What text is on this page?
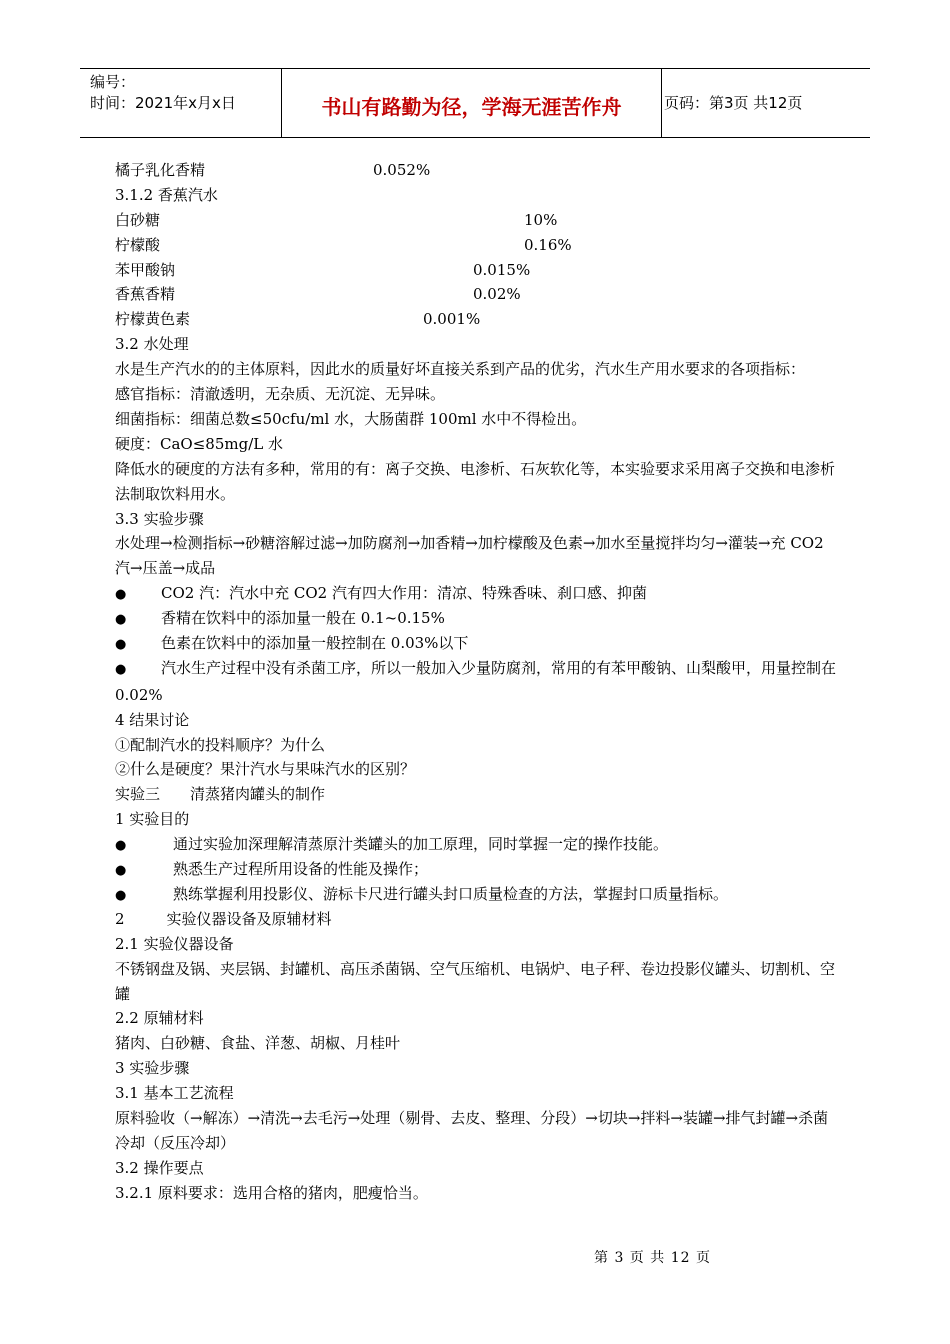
编号：
时间：2021年x月x日	书山有路勤为径，学海无涯苦作舟	页码：第3页 共12页
橘子乳化香精	0.052%
3.1.2 香蕉汽水
白砂糖	10%
柠檬酸	0.16%
苯甲酸钠	0.015%
香蕉香精	0.02%
柠檬黄色素	0.001%
3.2 水处理
水是生产汽水的的主体原料，因此水的质量好坏直接关系到产品的优劣，汽水生产用水要求的各项指标：
感官指标：清澈透明，无杂质、无沉淀、无异味。
细菌指标：细菌总数≤50cfu/ml 水，大肠菌群 100ml 水中不得检出。
硬度：CaO≤85mg/L 水
降低水的硬度的方法有多种，常用的有：离子交换、电渗析、石灰软化等，本实验要求采用离子交换和电渗析法制取饮料用水。
3.3 实验步骤
水处理→检测指标→砂糖溶解过滤→加防腐剂→加香精→加柠檬酸及色素→加水至量搅拌均匀→灌装→充 CO2 汽→压盖→成品
● CO2 汽：汽水中充 CO2 汽有四大作用：清凉、特殊香味、刹口感、抑菌
● 香精在饮料中的添加量一般在 0.1~0.15%
● 色素在饮料中的添加量一般控制在 0.03%以下
● 汽水生产过程中没有杀菌工序，所以一般加入少量防腐剂，常用的有苯甲酸钠、山梨酸甲，用量控制在 0.02%
4 结果讨论
①配制汽水的投料顺序？为什么
②什么是硬度？果汁汽水与果味汽水的区别？
实验三 清蒸猪肉罐头的制作
1 实验目的
●	通过实验加深理解清蒸原汁类罐头的加工原理，同时掌握一定的操作技能。
●	熟悉生产过程所用设备的性能及操作；
●	熟练掌握利用投影仪、游标卡尺进行罐头封口质量检查的方法，掌握封口质量指标。
2	实验仪器设备及原辅材料
2.1 实验仪器设备
不锈钢盘及锅、夹层锅、封罐机、高压杀菌锅、空气压缩机、电锅炉、电子秤、卷边投影仪罐头、切割机、空罐
2.2 原辅材料
猪肉、白砂糖、食盐、洋葱、胡椒、月桂叶
3 实验步骤
3.1 基本工艺流程
原料验收（→解冻）→清洗→去毛污→处理（剔骨、去皮、整理、分段）→切块→拌料→装罐→排气封罐→杀菌冷却（反压冷却）
3.2 操作要点
3.2.1 原料要求：选用合格的猪肉，肥瘦恰当。
第 3 页 共 12 页
